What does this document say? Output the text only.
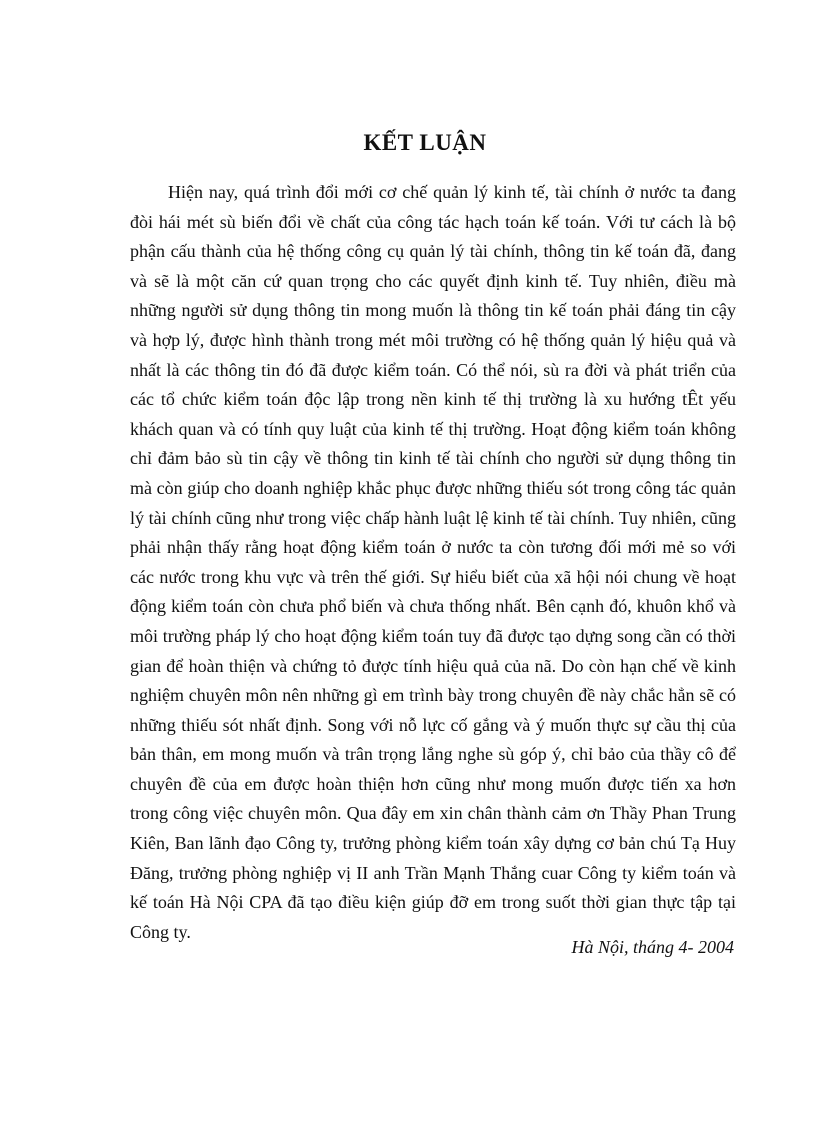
KẾT LUẬN

Hiện nay, quá trình đổi mới cơ chế quản lý kinh tế, tài chính ở nước ta đang đòi hái mét sù biến đổi về chất của công tác hạch toán kế toán. Với tư cách là bộ phận cấu thành của hệ thống công cụ quản lý tài chính, thông tin kế toán đã, đang và sẽ là một căn cứ quan trọng cho các quyết định kinh tế. Tuy nhiên, điều mà những người sử dụng thông tin mong muốn là thông tin kế toán phải đáng tin cậy và hợp lý, được hình thành trong mét môi trường có hệ thống quản lý hiệu quả và nhất là các thông tin đó đã được kiểm toán. Có thể nói, sù ra đời và phát triển của các tổ chức kiểm toán độc lập trong nền kinh tế thị trường là xu hướng tÊt yếu khách quan và có tính quy luật của kinh tế thị trường. Hoạt động kiểm toán không chỉ đảm bảo sù tin cậy về thông tin kinh tế tài chính cho người sử dụng thông tin mà còn giúp cho doanh nghiệp khắc phục được những thiếu sót trong công tác quản lý tài chính cũng như trong việc chấp hành luật lệ kinh tế tài chính. Tuy nhiên, cũng phải nhận thấy rằng hoạt động kiểm toán ở nước ta còn tương đối mới mẻ so với các nước trong khu vực và trên thế giới. Sự hiểu biết của xã hội nói chung về hoạt động kiểm toán còn chưa phổ biến và chưa thống nhất. Bên cạnh đó, khuôn khổ và môi trường pháp lý cho hoạt động kiểm toán tuy đã được tạo dựng song cần có thời gian để hoàn thiện và chứng tỏ được tính hiệu quả của nã. Do còn hạn chế về kinh nghiệm chuyên môn nên những gì em trình bày trong chuyên đề này chắc hẳn sẽ có những thiếu sót nhất định. Song với nỗ lực cố gắng và ý muốn thực sự cầu thị của bản thân, em mong muốn và trân trọng lắng nghe sù góp ý, chỉ bảo của thầy cô để chuyên đề của em được hoàn thiện hơn cũng như mong muốn được tiến xa hơn trong công việc chuyên môn. Qua đây em xin chân thành cảm ơn Thầy Phan Trung Kiên, Ban lãnh đạo Công ty, trưởng phòng kiểm toán xây dựng cơ bản chú Tạ Huy Đăng, trưởng phòng nghiệp vị II anh Trần Mạnh Thắng cuar Công ty kiểm toán và kế toán Hà Nội CPA đã tạo điều kiện giúp đỡ em trong suốt thời gian thực tập tại Công ty.

Hà Nội, tháng 4- 2004
